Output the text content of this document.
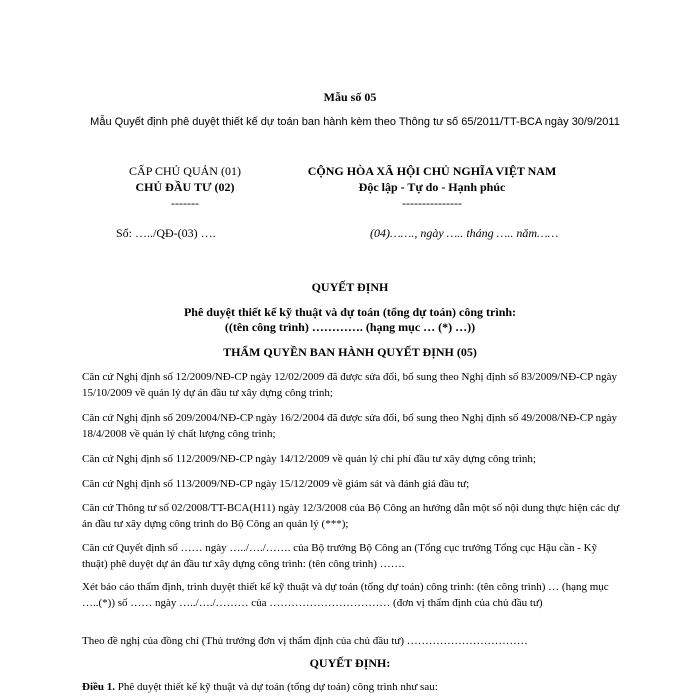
Mẫu số 05
Mẫu Quyết định phê duyệt thiết kế dự toán ban hành kèm theo Thông tư số 65/2011/TT-BCA ngày 30/9/2011
CẤP CHỦ QUẢN (01)
CHỦ ĐẦU TƯ (02)
-------
CỘNG HÒA XÃ HỘI CHỦ NGHĨA VIỆT NAM
Độc lập - Tự do - Hạnh phúc
---------------
Số: …../QĐ-(03) ….	(04)……., ngày ….. tháng ….. năm……
QUYẾT ĐỊNH
Phê duyệt thiết kế kỹ thuật và dự toán (tổng dự toán) công trình:
((tên công trình) …………. (hạng mục … (*) …))
THẨM QUYỀN BAN HÀNH QUYẾT ĐỊNH (05)
Căn cứ Nghị định số 12/2009/NĐ-CP ngày 12/02/2009 đã được sửa đổi, bổ sung theo Nghị định số 83/2009/NĐ-CP ngày 15/10/2009 về quản lý dự án đầu tư xây dựng công trình;
Căn cứ Nghị định số 209/2004/NĐ-CP ngày 16/2/2004 đã được sửa đổi, bổ sung theo Nghị định số 49/2008/NĐ-CP ngày 18/4/2008 về quản lý chất lượng công trình;
Căn cứ Nghị định số 112/2009/NĐ-CP ngày 14/12/2009 về quản lý chi phí đầu tư xây dựng công trình;
Căn cứ Nghị định số 113/2009/NĐ-CP ngày 15/12/2009 về giám sát và đánh giá đầu tư;
Căn cứ Thông tư số 02/2008/TT-BCA(H11) ngày 12/3/2008 của Bộ Công an hướng dẫn một số nội dung thực hiện các dự án đầu tư xây dựng công trình do Bộ Công an quản lý (***);
Căn cứ Quyết định số …… ngày …../…./……. của Bộ trưởng Bộ Công an (Tổng cục trưởng Tổng cục Hậu cần - Kỹ thuật) phê duyệt dự án đầu tư xây dựng công trình: (tên công trình) …….
Xét báo cáo thẩm định, trình duyệt thiết kế kỹ thuật và dự toán (tổng dự toán) công trình: (tên công trình) … (hạng mục …..(*)) số …… ngày …../…./……… của …………………………… (đơn vị thẩm định của chủ đầu tư)
Theo đề nghị của đồng chí (Thủ trưởng đơn vị thẩm định của chủ đầu tư) ……………………………
QUYẾT ĐỊNH:
Điều 1. Phê duyệt thiết kế kỹ thuật và dự toán (tổng dự toán) công trình như sau:
